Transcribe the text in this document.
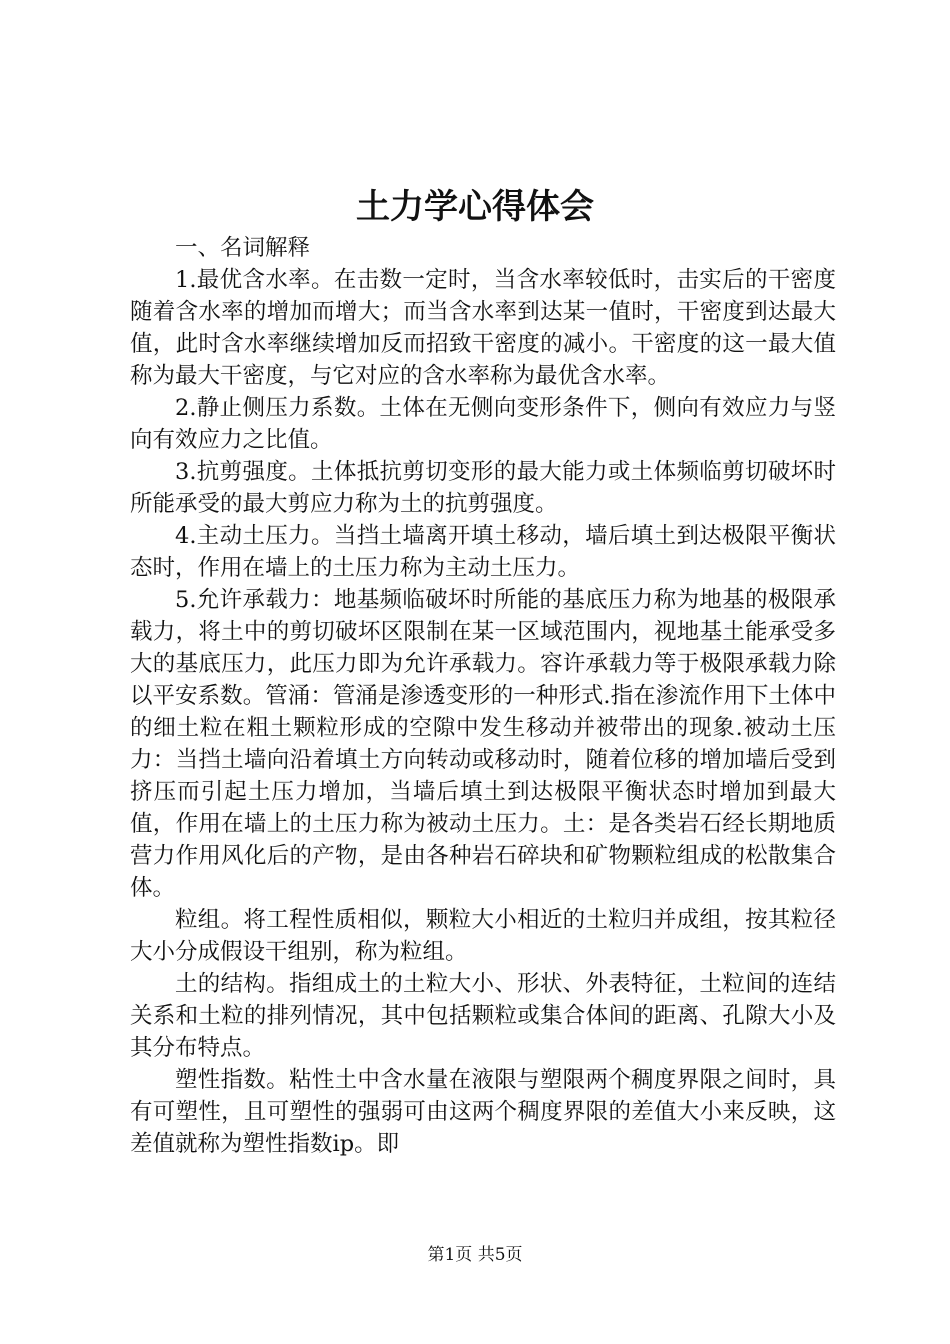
土力学心得体会

一、名词解释

1.最优含水率。在击数一定时，当含水率较低时，击实后的干密度随着含水率的增加而增大；而当含水率到达某一值时，干密度到达最大值，此时含水率继续增加反而招致干密度的减小。干密度的这一最大值称为最大干密度，与它对应的含水率称为最优含水率。

2.静止侧压力系数。土体在无侧向变形条件下，侧向有效应力与竖向有效应力之比值。

3.抗剪强度。土体抵抗剪切变形的最大能力或土体频临剪切破坏时所能承受的最大剪应力称为土的抗剪强度。

4.主动土压力。当挡土墙离开填土移动，墙后填土到达极限平衡状态时，作用在墙上的土压力称为主动土压力。

5.允许承载力：地基频临破坏时所能的基底压力称为地基的极限承载力，将土中的剪切破坏区限制在某一区域范围内，视地基土能承受多大的基底压力，此压力即为允许承载力。容许承载力等于极限承载力除以平安系数。管涌：管涌是渗透变形的一种形式.指在渗流作用下土体中的细土粒在粗土颗粒形成的空隙中发生移动并被带出的现象.被动土压力：当挡土墙向沿着填土方向转动或移动时，随着位移的增加墙后受到挤压而引起土压力增加，当墙后填土到达极限平衡状态时增加到最大值，作用在墙上的土压力称为被动土压力。土：是各类岩石经长期地质营力作用风化后的产物，是由各种岩石碎块和矿物颗粒组成的松散集合体。

粒组。将工程性质相似，颗粒大小相近的土粒归并成组，按其粒径大小分成假设干组别，称为粒组。

土的结构。指组成土的土粒大小、形状、外表特征，土粒间的连结关系和土粒的排列情况，其中包括颗粒或集合体间的距离、孔隙大小及其分布特点。

塑性指数。粘性土中含水量在液限与塑限两个稠度界限之间时，具有可塑性，且可塑性的强弱可由这两个稠度界限的差值大小来反映，这差值就称为塑性指数ip。即

第1页 共5页
